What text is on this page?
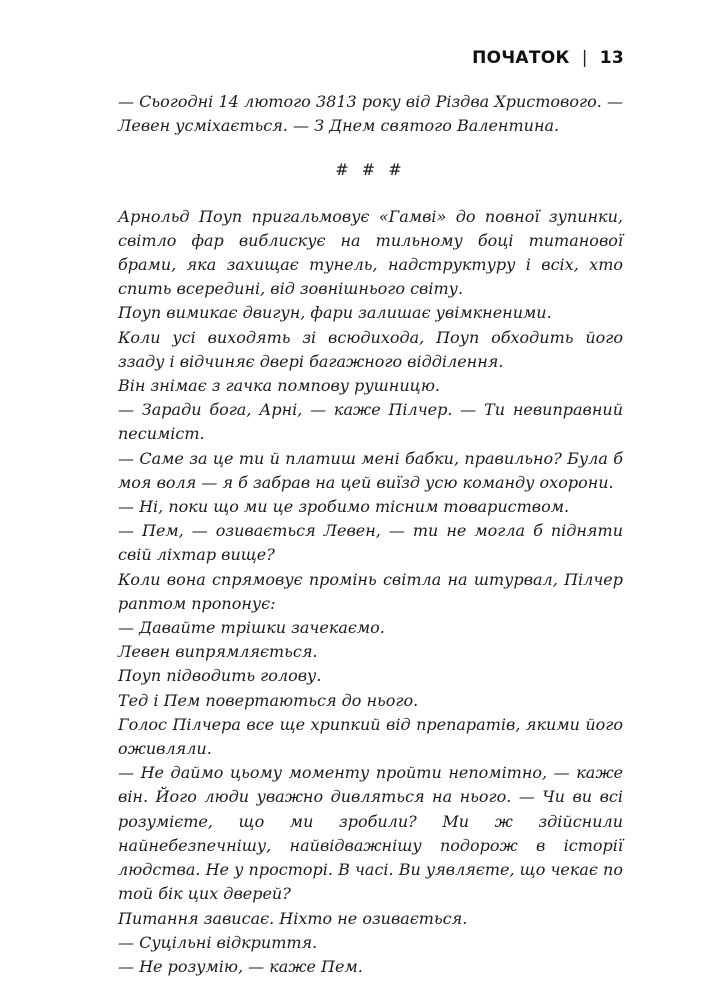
ПОЧАТОК | 13

— Сьогодні 14 лютого 3813 року від Різдва Христового. — Левен усміхається. — З Днем святого Валентина.

# # #

Арнольд Поуп пригальмовує «Гамві» до повної зупинки, світло фар виблискує на тильному боці титанової брами, яка захищає тунель, надструктуру і всіх, хто спить всередині, від зовнішнього світу.

Поуп вимикає двигун, фари залишає увімкненими.

Коли усі виходять зі всюдихода, Поуп обходить його ззаду і відчиняє двері багажного відділення.

Він знімає з гачка помпову рушницю.

— Заради бога, Арні, — каже Пілчер. — Ти невиправний песиміст.

— Саме за це ти й платиш мені бабки, правильно? Була б моя воля — я б забрав на цей виїзд усю команду охорони.

— Ні, поки що ми це зробимо тісним товариством.

— Пем, — озивається Левен, — ти не могла б підняти свій ліхтар вище?

Коли вона спрямовує промінь світла на штурвал, Пілчер раптом пропонує:

— Давайте трішки зачекаємо.

Левен випрямляється.

Поуп підводить голову.

Тед і Пем повертаються до нього.

Голос Пілчера все ще хрипкий від препаратів, якими його оживляли.

— Не даймо цьому моменту пройти непомітно, — каже він. Його люди уважно дивляться на нього. — Чи ви всі розумієте, що ми зробили? Ми ж здійснили найнебезпечнішу, найвідважнішу подорож в історії людства. Не у просторі. В часі. Ви уявляєте, що чекає по той бік цих дверей?

Питання зависає. Ніхто не озивається.

— Суцільні відкриття.

— Не розумію, — каже Пем.
